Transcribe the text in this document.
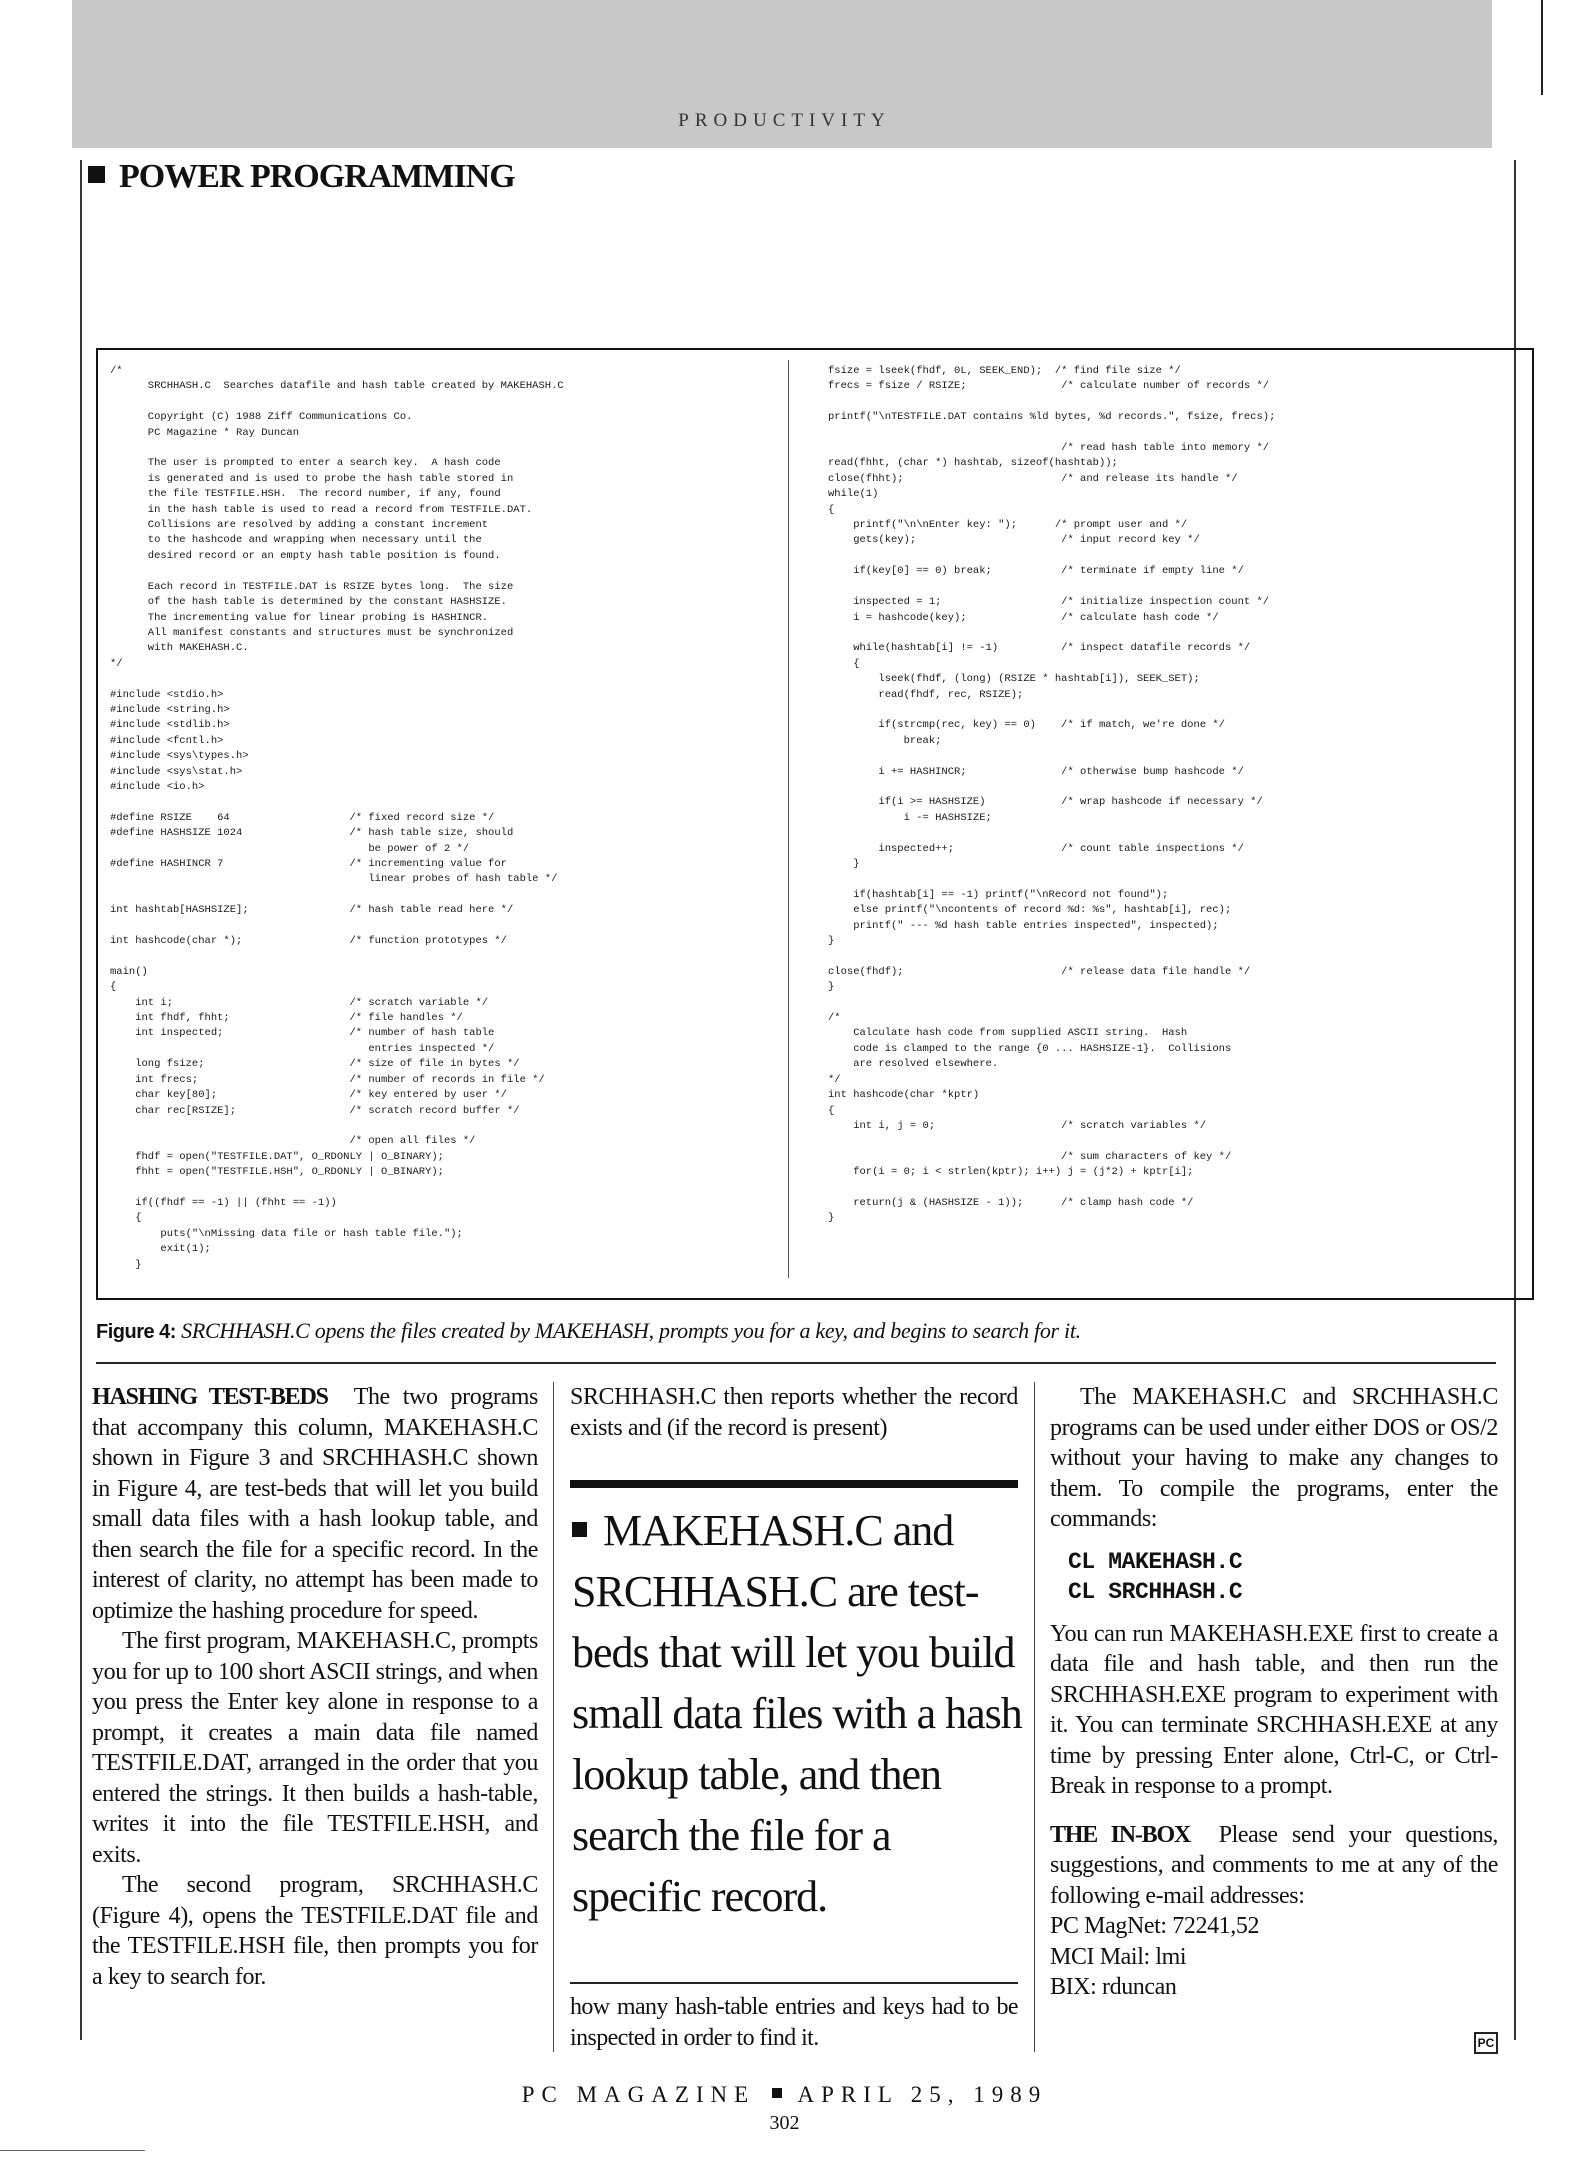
PRODUCTIVITY
POWER PROGRAMMING
/*
SRCHHASH.C  Searches datafile and hash table created by MAKEHASH.C

Copyright (C) 1988 Ziff Communications Co.
PC Magazine * Ray Duncan

The user is prompted to enter a search key.  A hash code
is generated and is used to probe the hash table stored in
the file TESTFILE.HSH.  The record number, if any, found
in the hash table is used to read a record from TESTFILE.DAT.
Collisions are resolved by adding a constant increment
to the hashcode and wrapping when necessary until the
desired record or an empty hash table position is found.

Each record in TESTFILE.DAT is RSIZE bytes long.  The size
of the hash table is determined by the constant HASHSIZE.
The incrementing value for linear probing is HASHINCR.
All manifest constants and structures must be synchronized
with MAKEHASH.C.
*/

#include <stdio.h>
#include <string.h>
#include <stdlib.h>
#include <fcntl.h>
#include <sys\types.h>
#include <sys\stat.h>
#include <io.h>

#define RSIZE    64                   /* fixed record size */
#define HASHSIZE 1024                 /* hash table size, should
be power of 2 */
#define HASHINCR 7                    /* incrementing value for
linear probes of hash table */

int hashtab[HASHSIZE];                /* hash table read here */

int hashcode(char *);                 /* function prototypes */

main()
{
int i;                            /* scratch variable */
int fhdf, fhht;                   /* file handles */
int inspected;                    /* number of hash table
entries inspected */
long fsize;                       /* size of file in bytes */
int frecs;                        /* number of records in file */
char key[80];                     /* key entered by user */
char rec[RSIZE];                  /* scratch record buffer */

/* open all files */
fhdf = open("TESTFILE.DAT", O_RDONLY | O_BINARY);
fhht = open("TESTFILE.HSH", O_RDONLY | O_BINARY);

if((fhdf == -1) || (fhht == -1))
{
puts("\nMissing data file or hash table file.");
exit(1);
}
fsize = lseek(fhdf, 0L, SEEK_END);  /* find file size */
frecs = fsize / RSIZE;               /* calculate number of records */

printf("\nTESTFILE.DAT contains %ld bytes, %d records.", fsize, frecs);

/* read hash table into memory */
read(fhht, (char *) hashtab, sizeof(hashtab));
close(fhht);                         /* and release its handle */
while(1)
{
printf("\n\nEnter key: ");      /* prompt user and */
gets(key);                       /* input record key */

if(key[0] == 0) break;           /* terminate if empty line */

inspected = 1;                   /* initialize inspection count */
i = hashcode(key);               /* calculate hash code */

while(hashtab[i] != -1)          /* inspect datafile records */
{
lseek(fhdf, (long) (RSIZE * hashtab[i]), SEEK_SET);
read(fhdf, rec, RSIZE);

if(strcmp(rec, key) == 0)    /* if match, we're done */
break;

i += HASHINCR;               /* otherwise bump hashcode */

if(i >= HASHSIZE)            /* wrap hashcode if necessary */
i -= HASHSIZE;

inspected++;                 /* count table inspections */
}

if(hashtab[i] == -1) printf("\nRecord not found");
else printf("\ncontents of record %d: %s", hashtab[i], rec);
printf(" --- %d hash table entries inspected", inspected);
}

close(fhdf);                         /* release data file handle */
}

/*
Calculate hash code from supplied ASCII string.  Hash
code is clamped to the range {0 ... HASHSIZE-1}.  Collisions
are resolved elsewhere.
*/
int hashcode(char *kptr)
{
int i, j = 0;                    /* scratch variables */

/* sum characters of key */
for(i = 0; i < strlen(kptr); i++) j = (j*2) + kptr[i];

return(j & (HASHSIZE - 1));      /* clamp hash code */
}
Figure 4: SRCHHASH.C opens the files created by MAKEHASH, prompts you for a key, and begins to search for it.

HASHING TEST-BEDS The two programs that accompany this column, MAKEHASH.C shown in Figure 3 and SRCHHASH.C shown in Figure 4, are test-beds that will let you build small data files with a hash lookup table, and then search the file for a specific record. In the interest of clarity, no attempt has been made to optimize the hashing procedure for speed.

The first program, MAKEHASH.C, prompts you for up to 100 short ASCII strings, and when you press the Enter key alone in response to a prompt, it creates a main data file named TESTFILE.DAT, arranged in the order that you entered the strings. It then builds a hash-table, writes it into the file TESTFILE.HSH, and exits.

The second program, SRCHHASH.C (Figure 4), opens the TESTFILE.DAT file and the TESTFILE.HSH file, then prompts you for a key to search for.

SRCHHASH.C then reports whether the record exists and (if the record is present)

MAKEHASH.C and SRCHHASH.C are test-beds that will let you build small data files with a hash lookup table, and then search the file for a specific record.
how many hash-table entries and keys had to be inspected in order to find it.

The MAKEHASH.C and SRCHHASH.C programs can be used under either DOS or OS/2 without your having to make any changes to them. To compile the programs, enter the commands:

CL MAKEHASH.C

CL SRCHHASH.C

You can run MAKEHASH.EXE first to create a data file and hash table, and then run the SRCHHASH.EXE program to experiment with it. You can terminate SRCHHASH.EXE at any time by pressing Enter alone, Ctrl-C, or Ctrl-Break in response to a prompt.

THE IN-BOX Please send your questions, suggestions, and comments to me at any of the following e-mail addresses:

PC MagNet: 72241,52

MCI Mail: lmi

BIX: rduncan

PC
PC MAGAZINE APRIL 25, 1989
302
